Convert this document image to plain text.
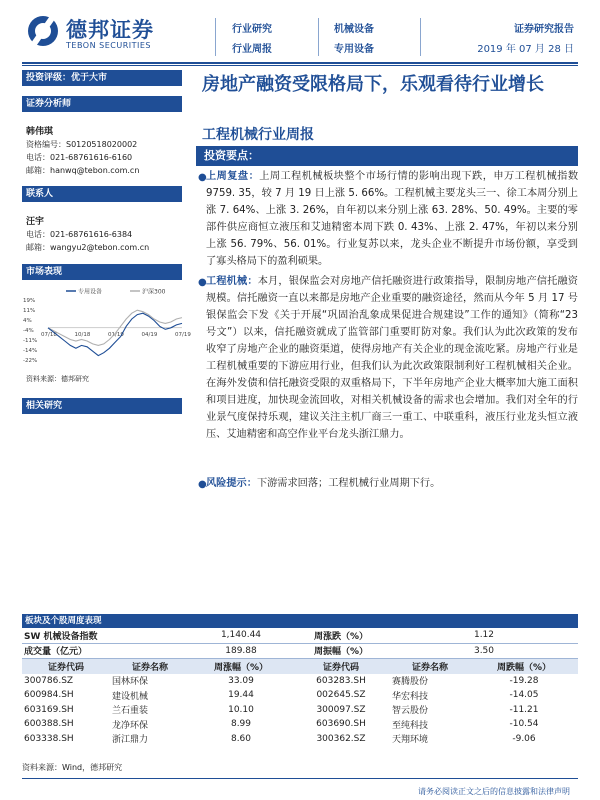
德邦证券
TEBON SECURITIES
行业研究
行业周报
机械设备
专用设备
证券研究报告
2019 年 07 月 28 日
投资评级：优于大市
证券分析师
韩伟琪
资格编号：S0120518020002
电话：021-68761616-6160
邮箱：hanwq@tebon.com.cn
联系人
汪宇
电话：021-68761616-6384
邮箱：wangyu2@tebon.com.cn
市场表现
专用设备	沪深300
19%
11%
4%
-4%
-11%
-14%
-22%
07/18	10/18	01/19	04/19	07/19
资料来源：德邦研究
相关研究
房地产融资受限格局下，乐观看待行业增长
工程机械行业周报
投资要点：
● 上周复盘：上周工程机械板块整个市场行情的影响出现下跌，申万工程机械指数 9759. 35，较 7 月 19 日上涨 5. 66%。工程机械主要龙头三一、徐工本周分别上涨 7. 64%、上涨 3. 26%，自年初以来分别上涨 63. 28%、50. 49%。主要的零部件供应商恒立液压和艾迪精密本周下跌 0. 43%、上涨 2. 47%，年初以来分别上涨 56. 79%、56. 01%。行业复苏以来，龙头企业不断提升市场份额，享受到了寡头格局下的盈利硕果。
● 工程机械：本月，银保监会对房地产信托融资进行政策指导，限制房地产信托融资规模。信托融资一直以来都是房地产企业重要的融资途径，然而从今年 5 月 17 号银保监会下发《关于开展“巩固治乱象成果促进合规建设”工作的通知》（简称“23 号文”）以来，信托融资就成了监管部门重要盯防对象。我们认为此次政策的发布收窄了房地产企业的融资渠道，使得房地产有关企业的现金流吃紧。房地产行业是工程机械重要的下游应用行业，但我们认为此次政策限制利好工程机械相关企业。在海外发债和信托融资受限的双重格局下，下半年房地产企业大概率加大施工面积和项目进度，加快现金流回收，对相关机械设备的需求也会增加。我们对全年的行业景气度保持乐观，建议关注主机厂商三一重工、中联重科，液压行业龙头恒立液压、艾迪精密和高空作业平台龙头浙江鼎力。
● 风险提示：下游需求回落；工程机械行业周期下行。
板块及个股周度表现
SW 机械设备指数		1,140.44	周涨跌（%）	1.12	
成交量（亿元）		189.88	周振幅（%）	3.50	
证券代码	证券名称	周涨幅（%）	证券代码	证券名称	周跌幅（%）
300786.SZ	国林环保	33.09	603283.SH	赛腾股份	-19.28
600984.SH	建设机械	19.44	002645.SZ	华宏科技	-14.05
603169.SH	兰石重装	10.10	300097.SZ	智云股份	-11.21
600388.SH	龙净环保	8.99	603690.SH	至纯科技	-10.54
603338.SH	浙江鼎力	8.60	300362.SZ	天翔环境	-9.06
资料来源：Wind，德邦研究
请务必阅读正文之后的信息披露和法律声明
